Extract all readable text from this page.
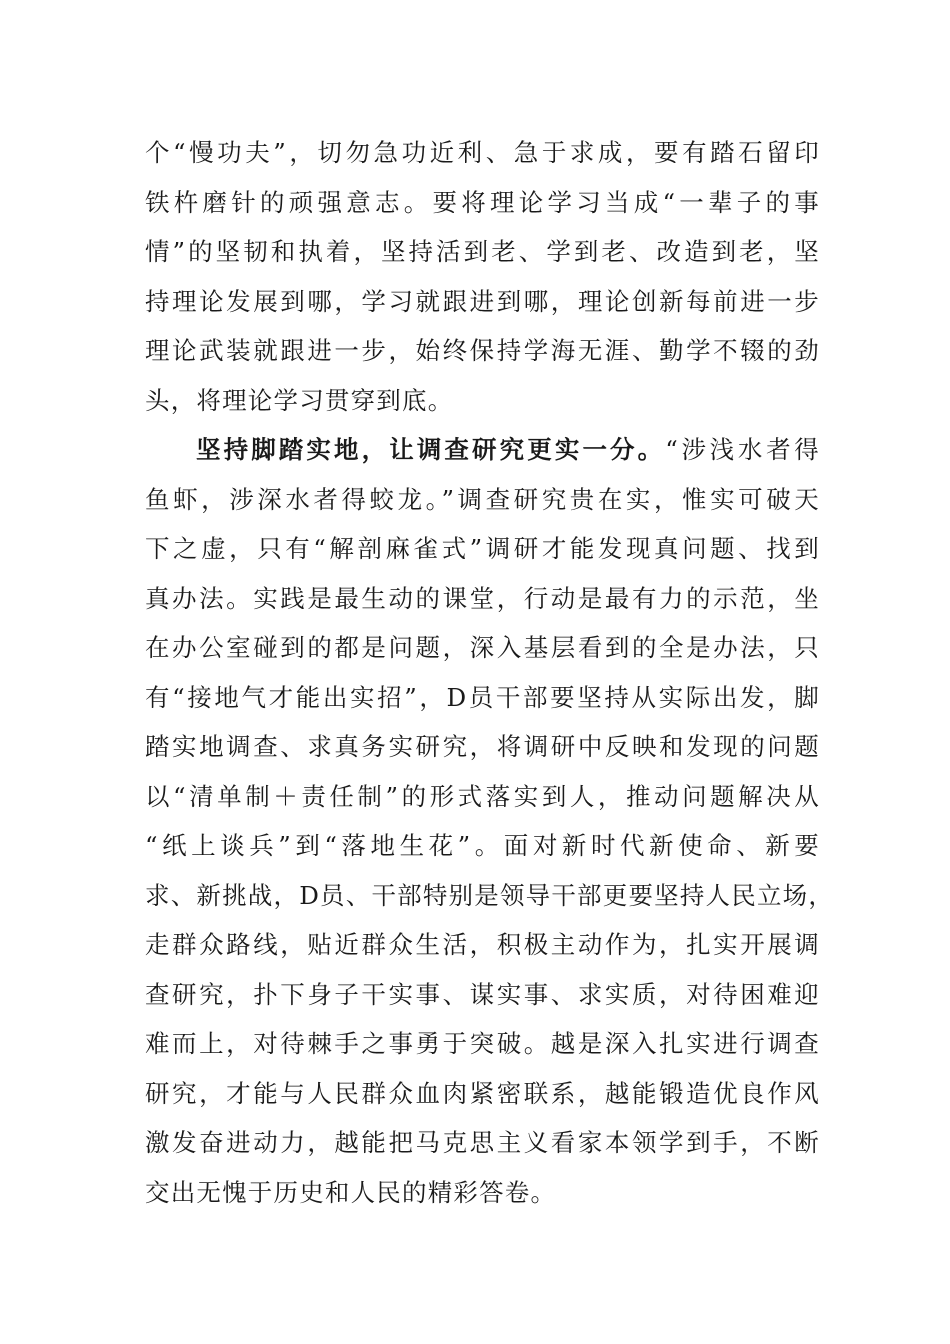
个“慢功夫”，切勿急功近利、急于求成，要有踏石留印
铁杵磨针的顽强意志。要将理论学习当成“一辈子的事
情”的坚韧和执着，坚持活到老、学到老、改造到老，坚
持理论发展到哪，学习就跟进到哪，理论创新每前进一步
理论武装就跟进一步，始终保持学海无涯、勤学不辍的劲
头，将理论学习贯穿到底。
坚持脚踏实地，让调查研究更实一分。“涉浅水者得
鱼虾，涉深水者得蛟龙。”调查研究贵在实，惟实可破天
下之虚，只有“解剖麻雀式”调研才能发现真问题、找到
真办法。实践是最生动的课堂，行动是最有力的示范，坐
在办公室碰到的都是问题，深入基层看到的全是办法，只
有“接地气才能出实招”，D员干部要坚持从实际出发，脚
踏实地调查、求真务实研究，将调研中反映和发现的问题
以“清单制＋责任制”的形式落实到人，推动问题解决从
“纸上谈兵”到“落地生花”。面对新时代新使命、新要
求、新挑战，D员、干部特别是领导干部更要坚持人民立场，
走群众路线，贴近群众生活，积极主动作为，扎实开展调
查研究，扑下身子干实事、谋实事、求实质，对待困难迎
难而上，对待棘手之事勇于突破。越是深入扎实进行调查
研究，才能与人民群众血肉紧密联系，越能锻造优良作风
激发奋进动力，越能把马克思主义看家本领学到手，不断
交出无愧于历史和人民的精彩答卷。
